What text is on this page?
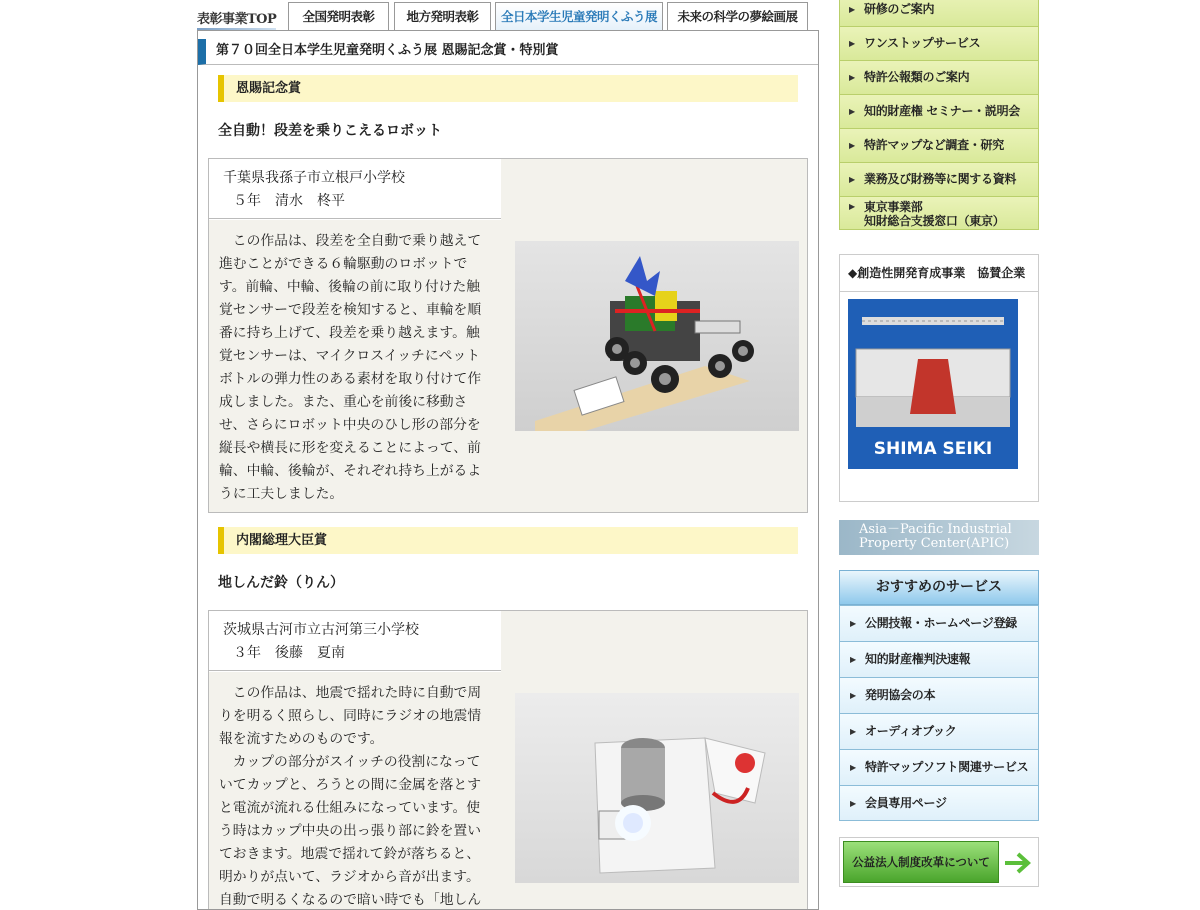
表彰事業TOP	全国発明表彰	地方発明表彰	全日本学生児童発明くふう展	未来の科学の夢絵画展
第７０回全日本学生児童発明くふう展 恩賜記念賞・特別賞
恩賜記念賞
全自動！段差を乗りこえるロボット
千葉県我孫子市立根戸小学校
５年　清水　柊平
　この作品は、段差を全自動で乗り越えて進むことができる６輪駆動のロボットです。前輪、中輪、後輪の前に取り付けた触覚センサーで段差を検知すると、車輪を順番に持ち上げて、段差を乗り越えます。触覚センサーは、マイクロスイッチにペットボトルの弾力性のある素材を取り付けて作成しました。また、重心を前後に移動させ、さらにロボット中央のひし形の部分を縦長や横長に形を変えることによって、前輪、中輪、後輪が、それぞれ持ち上がるように工夫しました。
内閣総理大臣賞
地しんだ鈴（りん）
茨城県古河市立古河第三小学校
３年　後藤　夏南
　この作品は、地震で揺れた時に自動で周りを明るく照らし、同時にラジオの地震情報を流すためのものです。
　カップの部分がスイッチの役割になっていてカップと、ろうとの間に金属を落とすと電流が流れる仕組みになっています。使う時はカップ中央の出っ張り部に鈴を置いておきます。地震で揺れて鈴が落ちると、明かりが点いて、ラジオから音が出ます。自動で明るくなるので暗い時でも「地しん
▶ 研修のご案内
▶ ワンストップサービス
▶ 特許公報類のご案内
▶ 知的財産権 セミナー・説明会
▶ 特許マップなど調査・研究
▶ 業務及び財務等に関する資料
▶ 東京事業部
知財総合支援窓口（東京）
◆創造性開発育成事業　協賛企業
SHIMA SEIKI
Asia－Pacific Industrial
Property Center(APIC)
おすすめのサービス
▶ 公開技報・ホームページ登録
▶ 知的財産権判決速報
▶ 発明協会の本
▶ オーディオブック
▶ 特許マップソフト関連サービス
▶ 会員専用ページ
公益法人制度改革について
